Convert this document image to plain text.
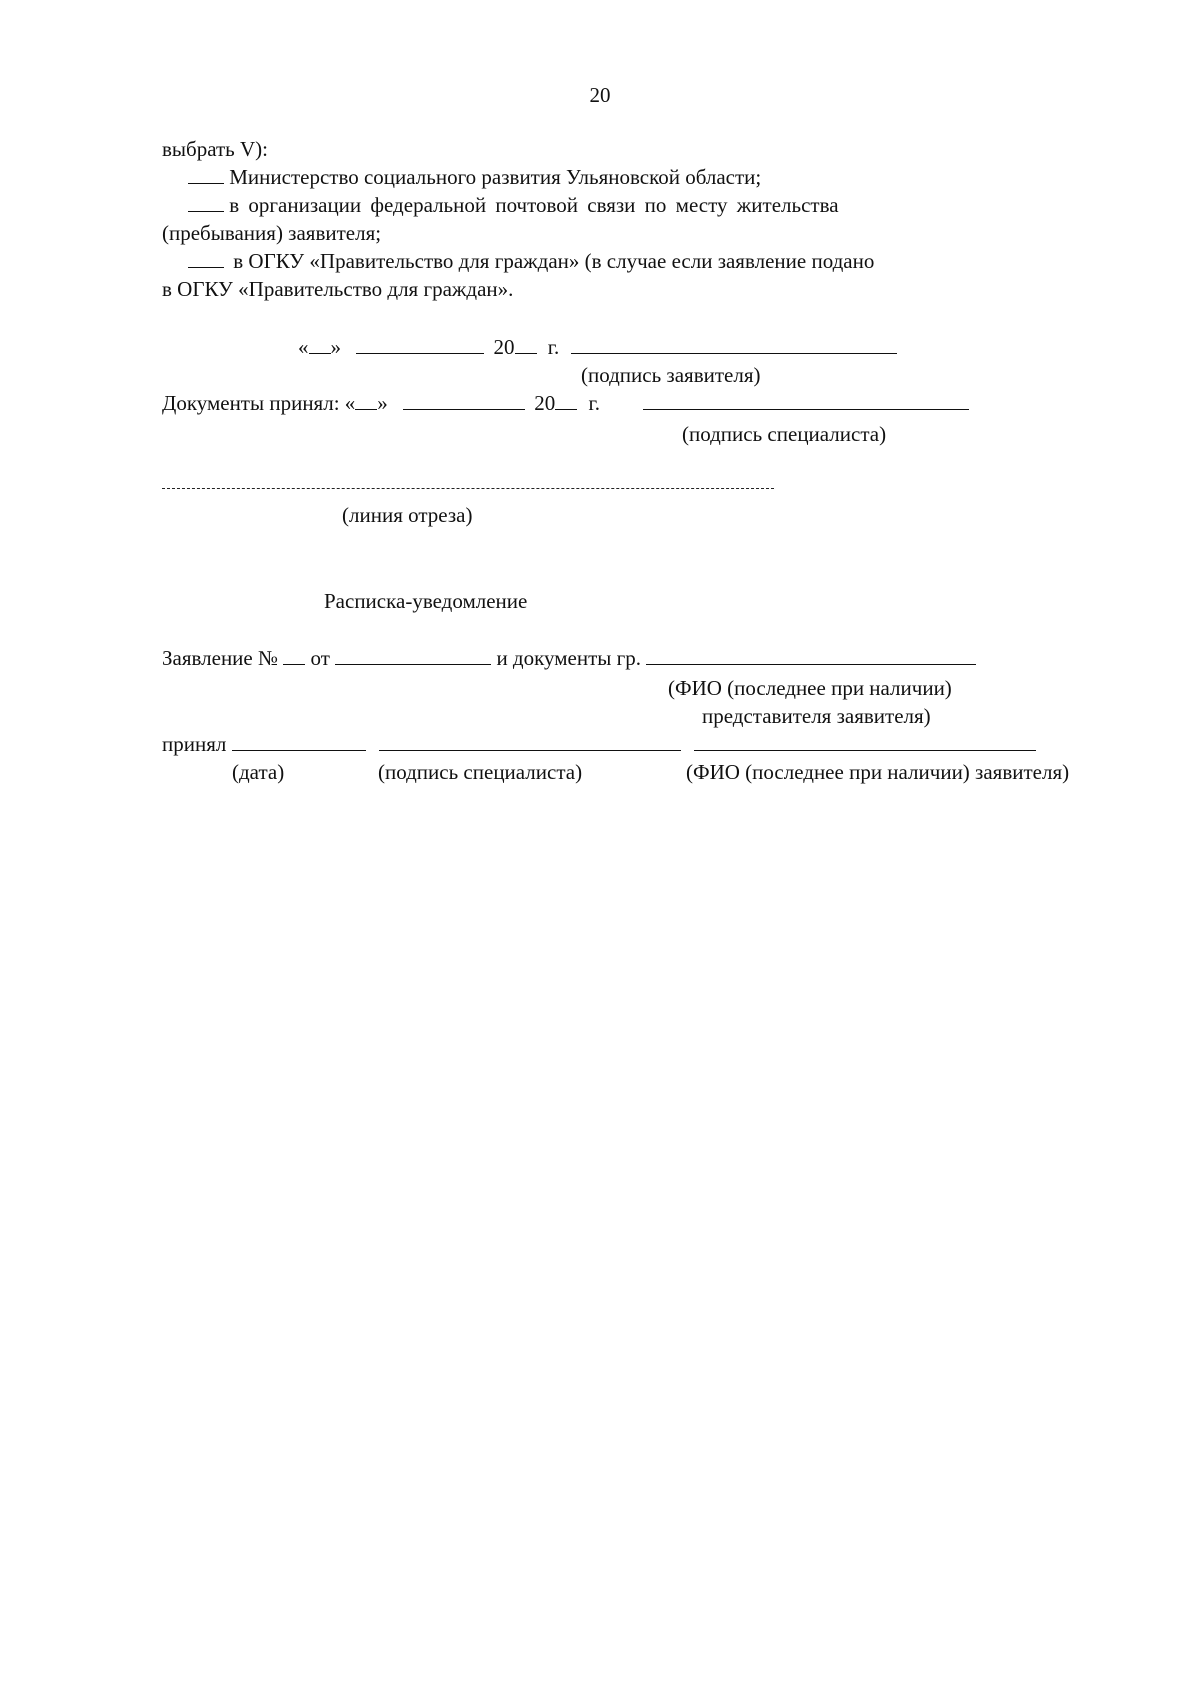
20
выбрать V):
Министерство социального развития Ульяновской области;
в организации федеральной почтовой связи по месту жительства
(пребывания) заявителя;
в ОГКУ «Правительство для граждан» (в случае если заявление подано
в ОГКУ «Правительство для граждан».
« »	20 г.
(подпись заявителя)
Документы принял: « »	20 г.
(подпись специалиста)
(линия отреза)
Расписка-уведомление
Заявление № от	и документы гр.
(ФИО (последнее при наличии)
представителя заявителя)
принял
(дата)	(подпись специалиста)	(ФИО (последнее при наличии) заявителя)
